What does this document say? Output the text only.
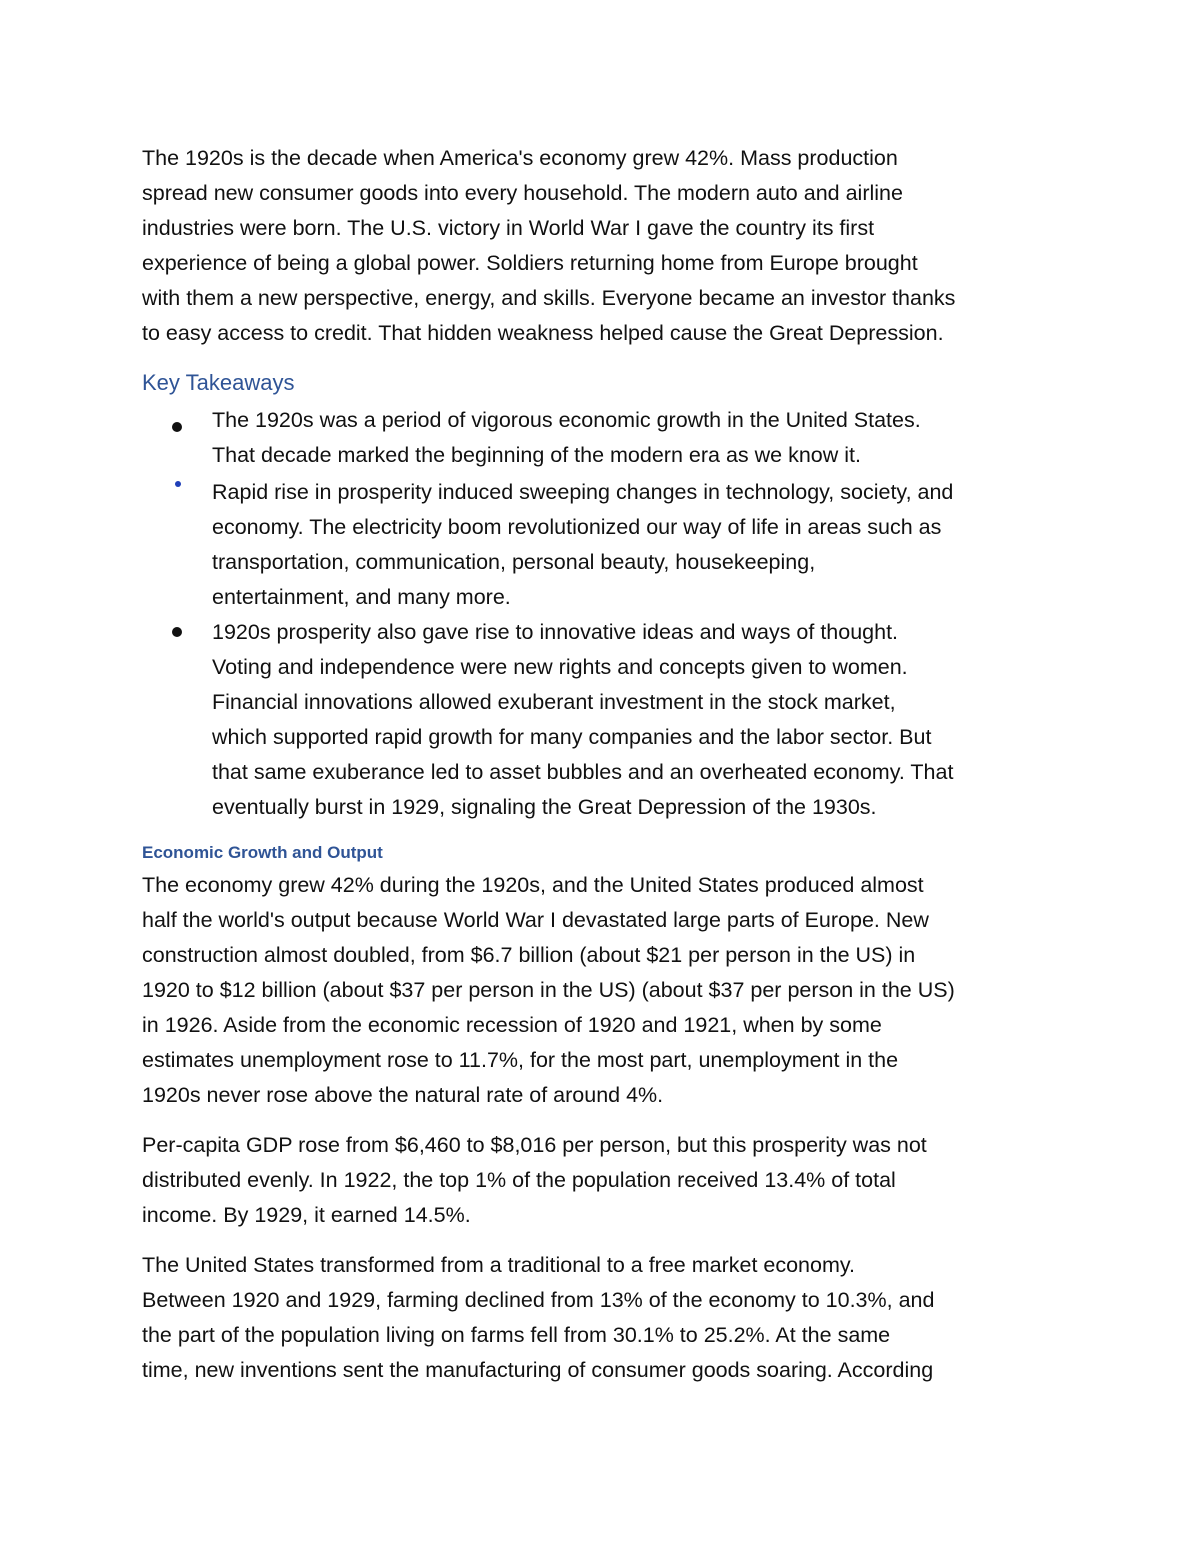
The 1920s is the decade when America's economy grew 42%. Mass production
spread new consumer goods into every household. The modern auto and airline
industries were born. The U.S. victory in World War I gave the country its first
experience of being a global power. Soldiers returning home from Europe brought
with them a new perspective, energy, and skills. Everyone became an investor thanks
to easy access to credit. That hidden weakness helped cause the Great Depression.

Key Takeaways

The 1920s was a period of vigorous economic growth in the United States.
That decade marked the beginning of the modern era as we know it.

Rapid rise in prosperity induced sweeping changes in technology, society, and
economy. The electricity boom revolutionized our way of life in areas such as
transportation, communication, personal beauty, housekeeping,
entertainment, and many more.

1920s prosperity also gave rise to innovative ideas and ways of thought.
Voting and independence were new rights and concepts given to women.
Financial innovations allowed exuberant investment in the stock market,
which supported rapid growth for many companies and the labor sector. But
that same exuberance led to asset bubbles and an overheated economy. That
eventually burst in 1929, signaling the Great Depression of the 1930s.

Economic Growth and Output

The economy grew 42% during the 1920s, and the United States produced almost
half the world's output because World War I devastated large parts of Europe. New
construction almost doubled, from $6.7 billion (about $21 per person in the US) in
1920 to $12 billion (about $37 per person in the US) (about $37 per person in the US)
in 1926. Aside from the economic recession of 1920 and 1921, when by some
estimates unemployment rose to 11.7%, for the most part, unemployment in the
1920s never rose above the natural rate of around 4%.

Per-capita GDP rose from $6,460 to $8,016 per person, but this prosperity was not
distributed evenly. In 1922, the top 1% of the population received 13.4% of total
income. By 1929, it earned 14.5%.

The United States transformed from a traditional to a free market economy.
Between 1920 and 1929, farming declined from 13% of the economy to 10.3%, and
the part of the population living on farms fell from 30.1% to 25.2%. At the same
time, new inventions sent the manufacturing of consumer goods soaring. According
